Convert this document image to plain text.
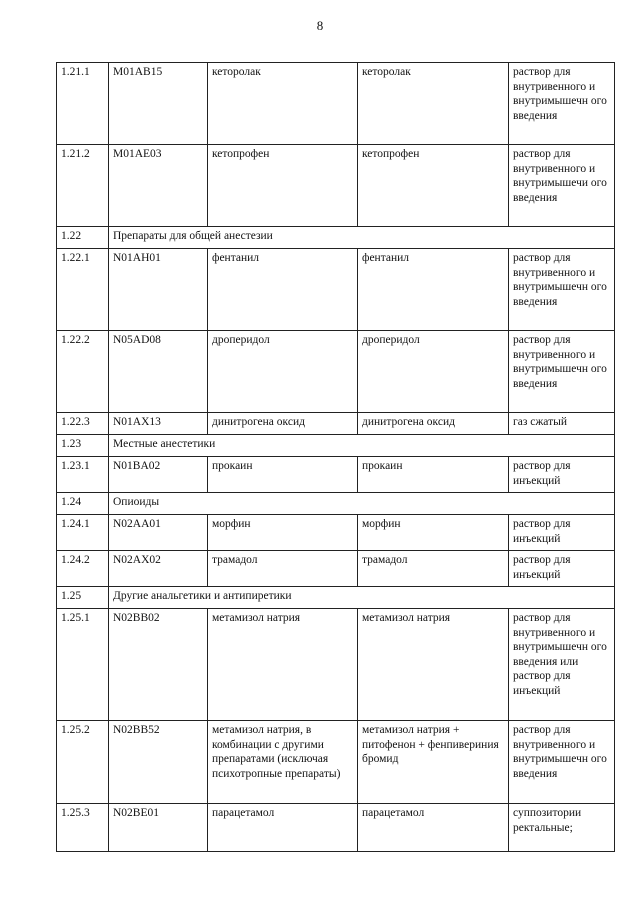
8
1.21.1	M01AB15	кеторолак	кеторолак	раствор для внутривенного и внутримышечн ого введения
1.21.2	M01AE03	кетопрофен	кетопрофен	раствор для внутривенного и внутримышечи ого введения
1.22	Препараты для общей анестезии			
1.22.1	N01AH01	фентанил	фентанил	раствор для внутривенного и внутримышечн ого введения
1.22.2	N05AD08	дроперидол	дроперидол	раствор для внутривенного и внутримышечн ого введения
1.22.3	N01AX13	динитрогена оксид	динитрогена оксид	газ сжатый
1.23	Местные анестетики			
1.23.1	N01BA02	прокаин	прокаин	раствор для инъекций
1.24	Опиоиды			
1.24.1	N02AA01	морфин	морфин	раствор для инъекций
1.24.2	N02AX02	трамадол	трамадол	раствор для инъекций
1.25	Другие анальгетики и антипиретики			
1.25.1	N02BB02	метамизол натрия	метамизол натрия	раствор для внутривенного и внутримышечн ого введения или раствор для инъекций
1.25.2	N02BB52	метамизол натрия, в комбинации с другими препаратами (исключая психотропные препараты)	метамизол натрия + питофенон + фенпивериния бромид	раствор для внутривенного и внутримышечн ого введения
1.25.3	N02BE01	парацетамол	парацетамол	суппозитории ректальные;
